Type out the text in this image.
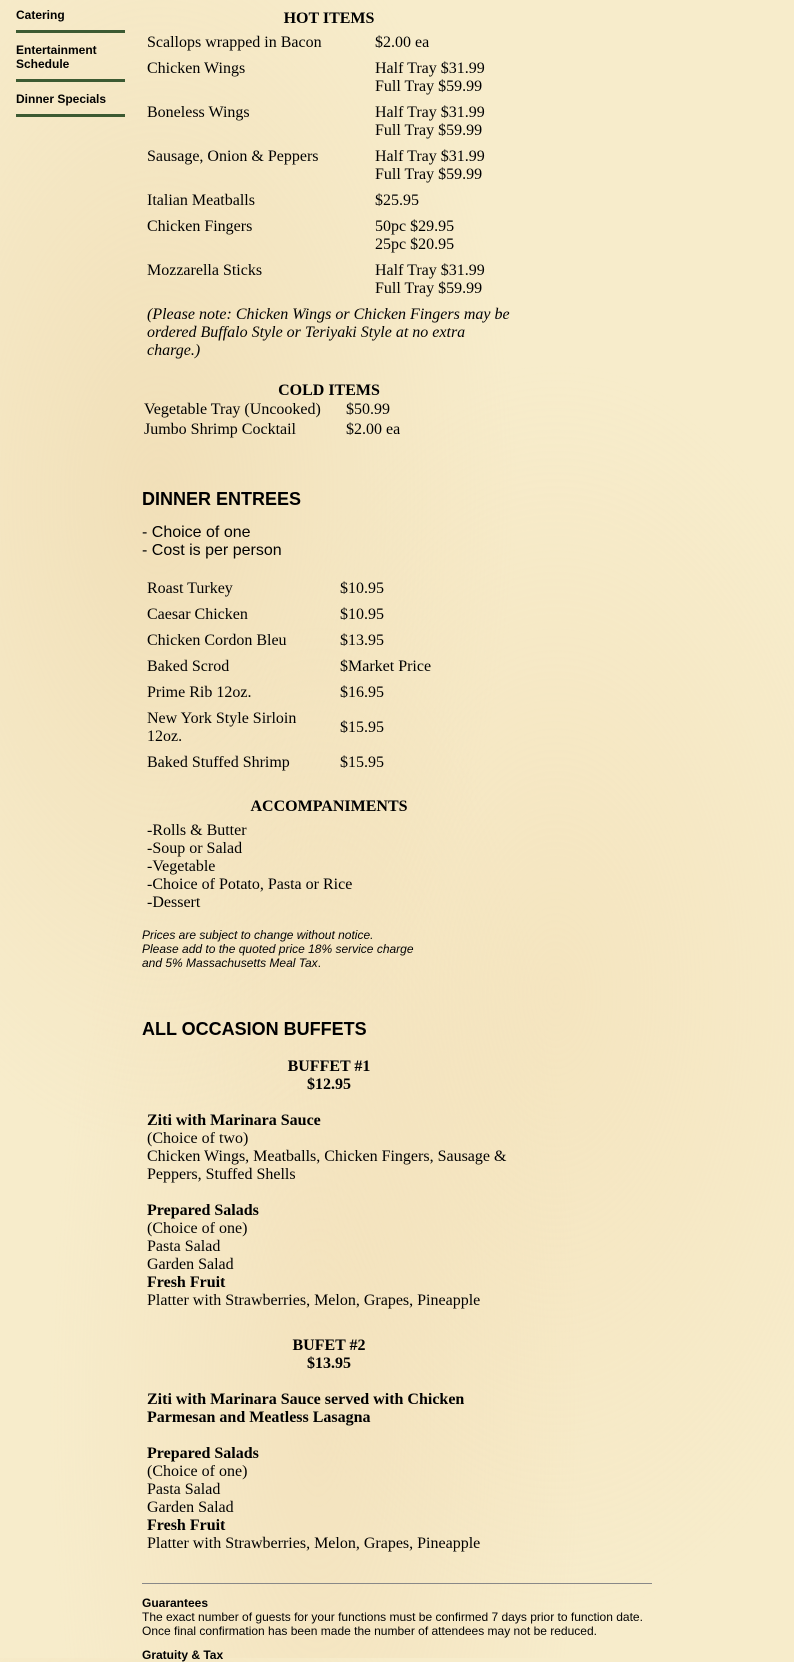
Catering
Entertainment Schedule
Dinner Specials
HOT ITEMS
Scallops wrapped in Bacon	$2.00 ea

Chicken Wings	Half Tray $31.99
Full Tray $59.99

Boneless Wings	Half Tray $31.99
Full Tray $59.99

Sausage, Onion & Peppers	Half Tray $31.99
Full Tray $59.99

Italian Meatballs	$25.95

Chicken Fingers	50pc $29.95
25pc $20.95

Mozzarella Sticks	Half Tray $31.99
Full Tray $59.99
(Please note: Chicken Wings or Chicken Fingers may be ordered Buffalo Style or Teriyaki Style at no extra charge.)
COLD ITEMS
Vegetable Tray (Uncooked)	$50.99
Jumbo Shrimp Cocktail	$2.00 ea
DINNER ENTREES
- Choice of one
- Cost is per person
Roast Turkey	$10.95
Caesar Chicken	$10.95
Chicken Cordon Bleu	$13.95
Baked Scrod	$Market Price
Prime Rib 12oz.	$16.95
New York Style Sirloin 12oz.	$15.95
Baked Stuffed Shrimp	$15.95
ACCOMPANIMENTS
-Rolls & Butter
-Soup or Salad
-Vegetable
-Choice of Potato, Pasta or Rice
-Dessert
Prices are subject to change without notice.
Please add to the quoted price 18% service charge
and 5% Massachusetts Meal Tax.
ALL OCCASION BUFFETS
BUFFET #1
$12.95
Ziti with Marinara Sauce
(Choice of two)
Chicken Wings, Meatballs, Chicken Fingers, Sausage & Peppers, Stuffed Shells
Prepared Salads
(Choice of one)
Pasta Salad
Garden Salad
Fresh Fruit
Platter with Strawberries, Melon, Grapes, Pineapple
BUFET #2
$13.95
Ziti with Marinara Sauce served with Chicken Parmesan and Meatless Lasagna
Prepared Salads
(Choice of one)
Pasta Salad
Garden Salad
Fresh Fruit
Platter with Strawberries, Melon, Grapes, Pineapple
Guarantees
The exact number of guests for your functions must be confirmed 7 days prior to function date.
Once final confirmation has been made the number of attendees may not be reduced.
Gratuity & Tax
